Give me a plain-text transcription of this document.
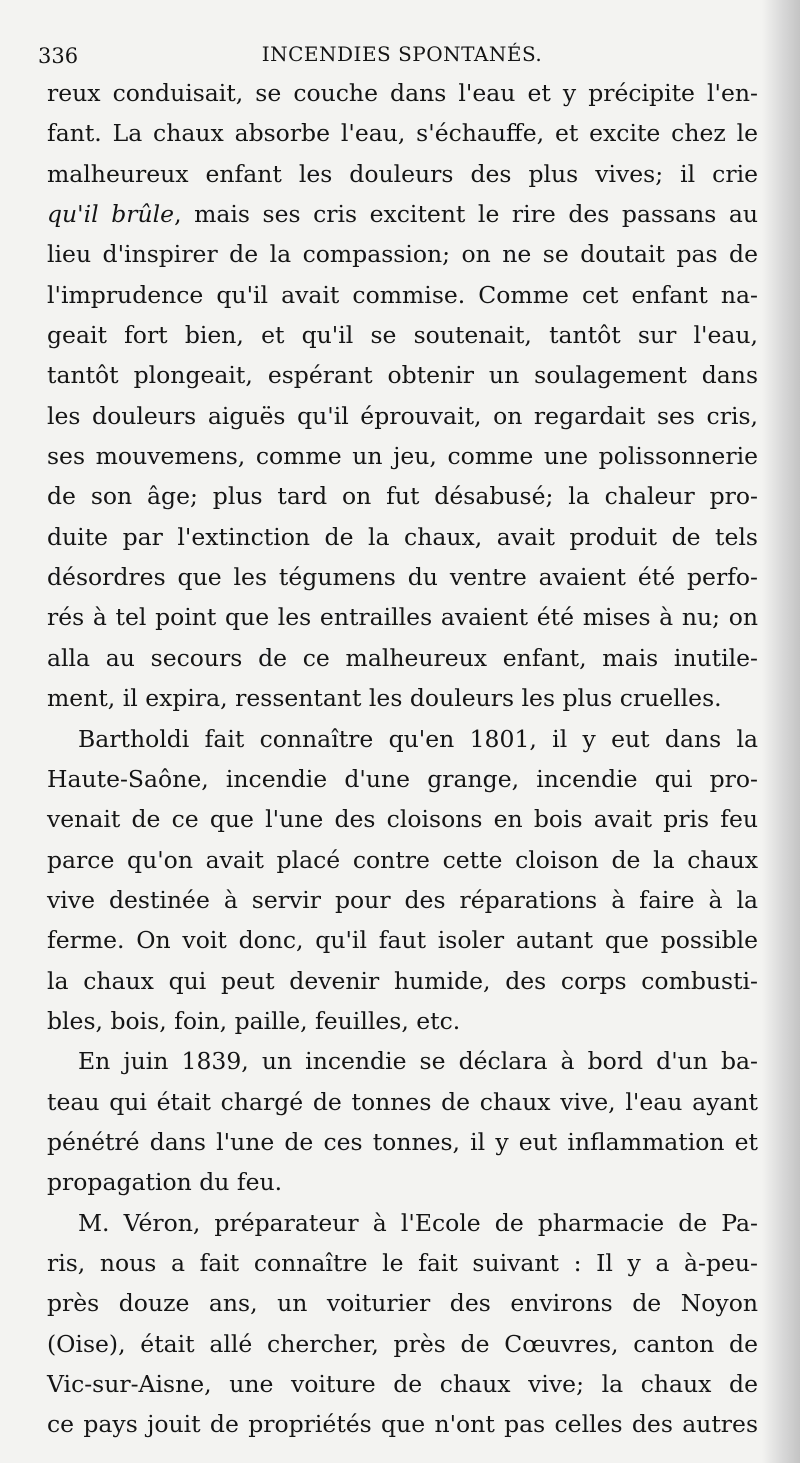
336	INCENDIES SPONTANÉS.
reux conduisait, se couche dans l'eau et y précipite l'en-
fant. La chaux absorbe l'eau, s'échauffe, et excite chez le
malheureux enfant les douleurs des plus vives; il crie
qu'il brûle, mais ses cris excitent le rire des passans au
lieu d'inspirer de la compassion; on ne se doutait pas de
l'imprudence qu'il avait commise. Comme cet enfant na-
geait fort bien, et qu'il se soutenait, tantôt sur l'eau,
tantôt plongeait, espérant obtenir un soulagement dans
les douleurs aiguës qu'il éprouvait, on regardait ses cris,
ses mouvemens, comme un jeu, comme une polissonnerie
de son âge; plus tard on fut désabusé; la chaleur pro-
duite par l'extinction de la chaux, avait produit de tels
désordres que les tégumens du ventre avaient été perfo-
rés à tel point que les entrailles avaient été mises à nu; on
alla au secours de ce malheureux enfant, mais inutile-
ment, il expira, ressentant les douleurs les plus cruelles.
Bartholdi fait connaître qu'en 1801, il y eut dans la
Haute-Saône, incendie d'une grange, incendie qui pro-
venait de ce que l'une des cloisons en bois avait pris feu
parce qu'on avait placé contre cette cloison de la chaux
vive destinée à servir pour des réparations à faire à la
ferme. On voit donc, qu'il faut isoler autant que possible
la chaux qui peut devenir humide, des corps combusti-
bles, bois, foin, paille, feuilles, etc.
En juin 1839, un incendie se déclara à bord d'un ba-
teau qui était chargé de tonnes de chaux vive, l'eau ayant
pénétré dans l'une de ces tonnes, il y eut inflammation et
propagation du feu.
M. Véron, préparateur à l'Ecole de pharmacie de Pa-
ris, nous a fait connaître le fait suivant : Il y a à-peu-
près douze ans, un voiturier des environs de Noyon
(Oise), était allé chercher, près de Cœuvres, canton de
Vic-sur-Aisne, une voiture de chaux vive; la chaux de
ce pays jouit de propriétés que n'ont pas celles des autres
